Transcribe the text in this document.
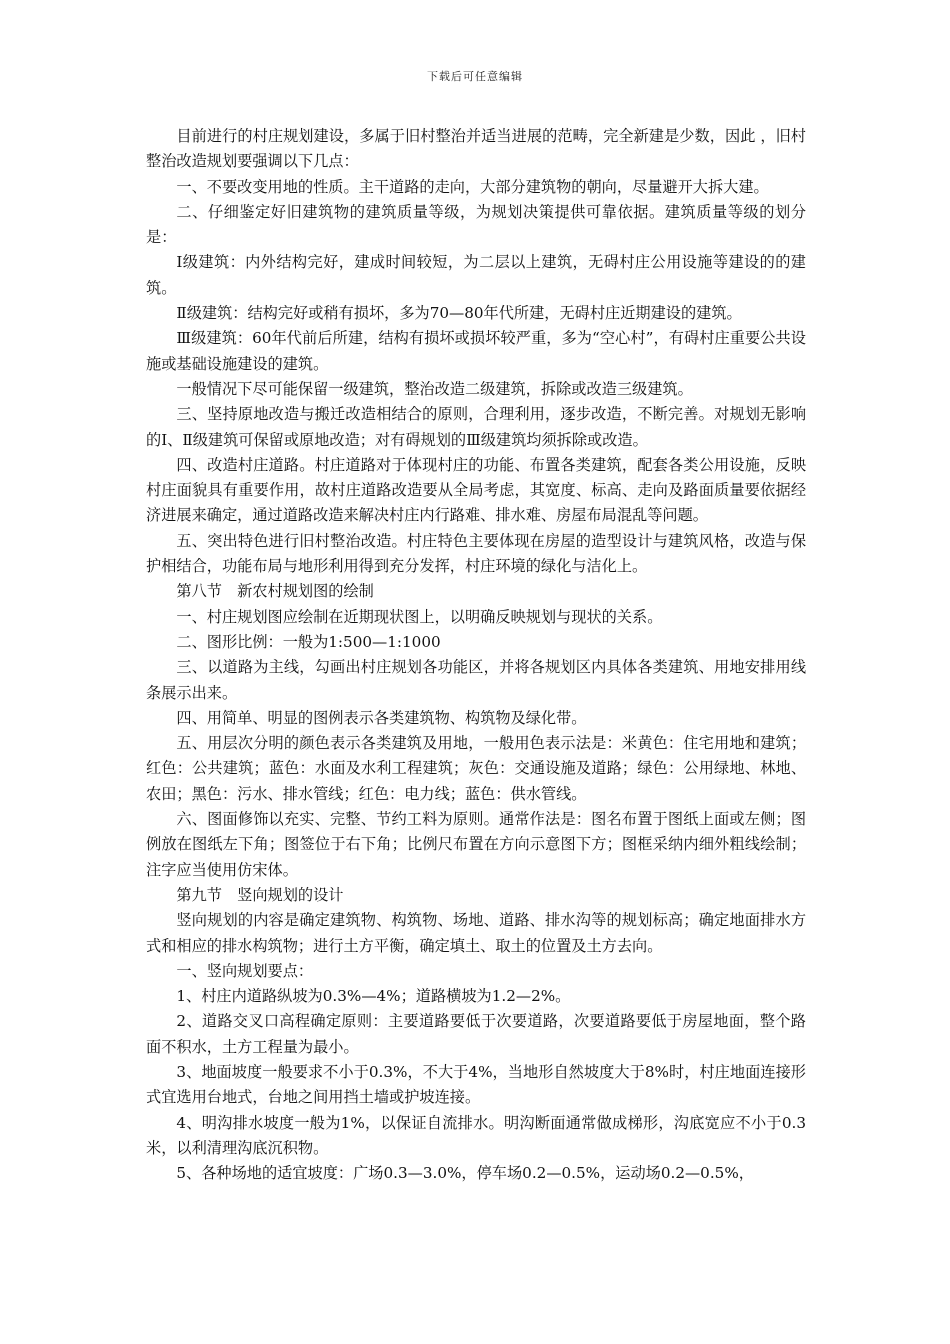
下载后可任意编辑

目前进行的村庄规划建设，多属于旧村整治并适当进展的范畴，完全新建是少数，因此 ，旧村整治改造规划要强调以下几点：

一、不要改变用地的性质。主干道路的走向，大部分建筑物的朝向，尽量避开大拆大建。

二、仔细鉴定好旧建筑物的建筑质量等级，为规划决策提供可靠依据。建筑质量等级的划分是：

Ⅰ级建筑：内外结构完好，建成时间较短，为二层以上建筑，无碍村庄公用设施等建设的的建筑。

Ⅱ级建筑：结构完好或稍有损坏，多为70—80年代所建，无碍村庄近期建设的建筑。

Ⅲ级建筑：60年代前后所建，结构有损坏或损坏较严重，多为“空心村”，有碍村庄重要公共设施或基础设施建设的建筑。

一般情况下尽可能保留一级建筑，整治改造二级建筑，拆除或改造三级建筑。

三、坚持原地改造与搬迁改造相结合的原则，合理利用，逐步改造，不断完善。对规划无影响的Ⅰ、Ⅱ级建筑可保留或原地改造；对有碍规划的Ⅲ级建筑均须拆除或改造。

四、改造村庄道路。村庄道路对于体现村庄的功能、布置各类建筑，配套各类公用设施，反映村庄面貌具有重要作用，故村庄道路改造要从全局考虑，其宽度、标高、走向及路面质量要依据经济进展来确定，通过道路改造来解决村庄内行路难、排水难、房屋布局混乱等问题。

五、突出特色进行旧村整治改造。村庄特色主要体现在房屋的造型设计与建筑风格，改造与保护相结合，功能布局与地形利用得到充分发挥，村庄环境的绿化与洁化上。

第八节　新农村规划图的绘制

一、村庄规划图应绘制在近期现状图上，以明确反映规划与现状的关系。

二、图形比例：一般为1:500—1:1000

三、以道路为主线，勾画出村庄规划各功能区，并将各规划区内具体各类建筑、用地安排用线条展示出来。

四、用简单、明显的图例表示各类建筑物、构筑物及绿化带。

五、用层次分明的颜色表示各类建筑及用地，一般用色表示法是：米黄色：住宅用地和建筑；红色：公共建筑；蓝色：水面及水利工程建筑；灰色：交通设施及道路；绿色：公用绿地、林地、农田；黑色：污水、排水管线；红色：电力线；蓝色：供水管线。

六、图面修饰以充实、完整、节约工料为原则。通常作法是：图名布置于图纸上面或左侧；图例放在图纸左下角；图签位于右下角；比例尺布置在方向示意图下方；图框采纳内细外粗线绘制；注字应当使用仿宋体。

第九节　竖向规划的设计

竖向规划的内容是确定建筑物、构筑物、场地、道路、排水沟等的规划标高；确定地面排水方式和相应的排水构筑物；进行土方平衡，确定填土、取土的位置及土方去向。

一、竖向规划要点：

1、村庄内道路纵坡为0.3%—4%；道路横坡为1.2—2%。

2、道路交叉口高程确定原则：主要道路要低于次要道路，次要道路要低于房屋地面，整个路面不积水，土方工程量为最小。

3、地面坡度一般要求不小于0.3%，不大于4%，当地形自然坡度大于8%时，村庄地面连接形式宜选用台地式，台地之间用挡土墙或护坡连接。

4、明沟排水坡度一般为1%，以保证自流排水。明沟断面通常做成梯形，沟底宽应不小于0.3米，以利清理沟底沉积物。

5、各种场地的适宜坡度：广场0.3—3.0%，停车场0.2—0.5%，运动场0.2—0.5%，
